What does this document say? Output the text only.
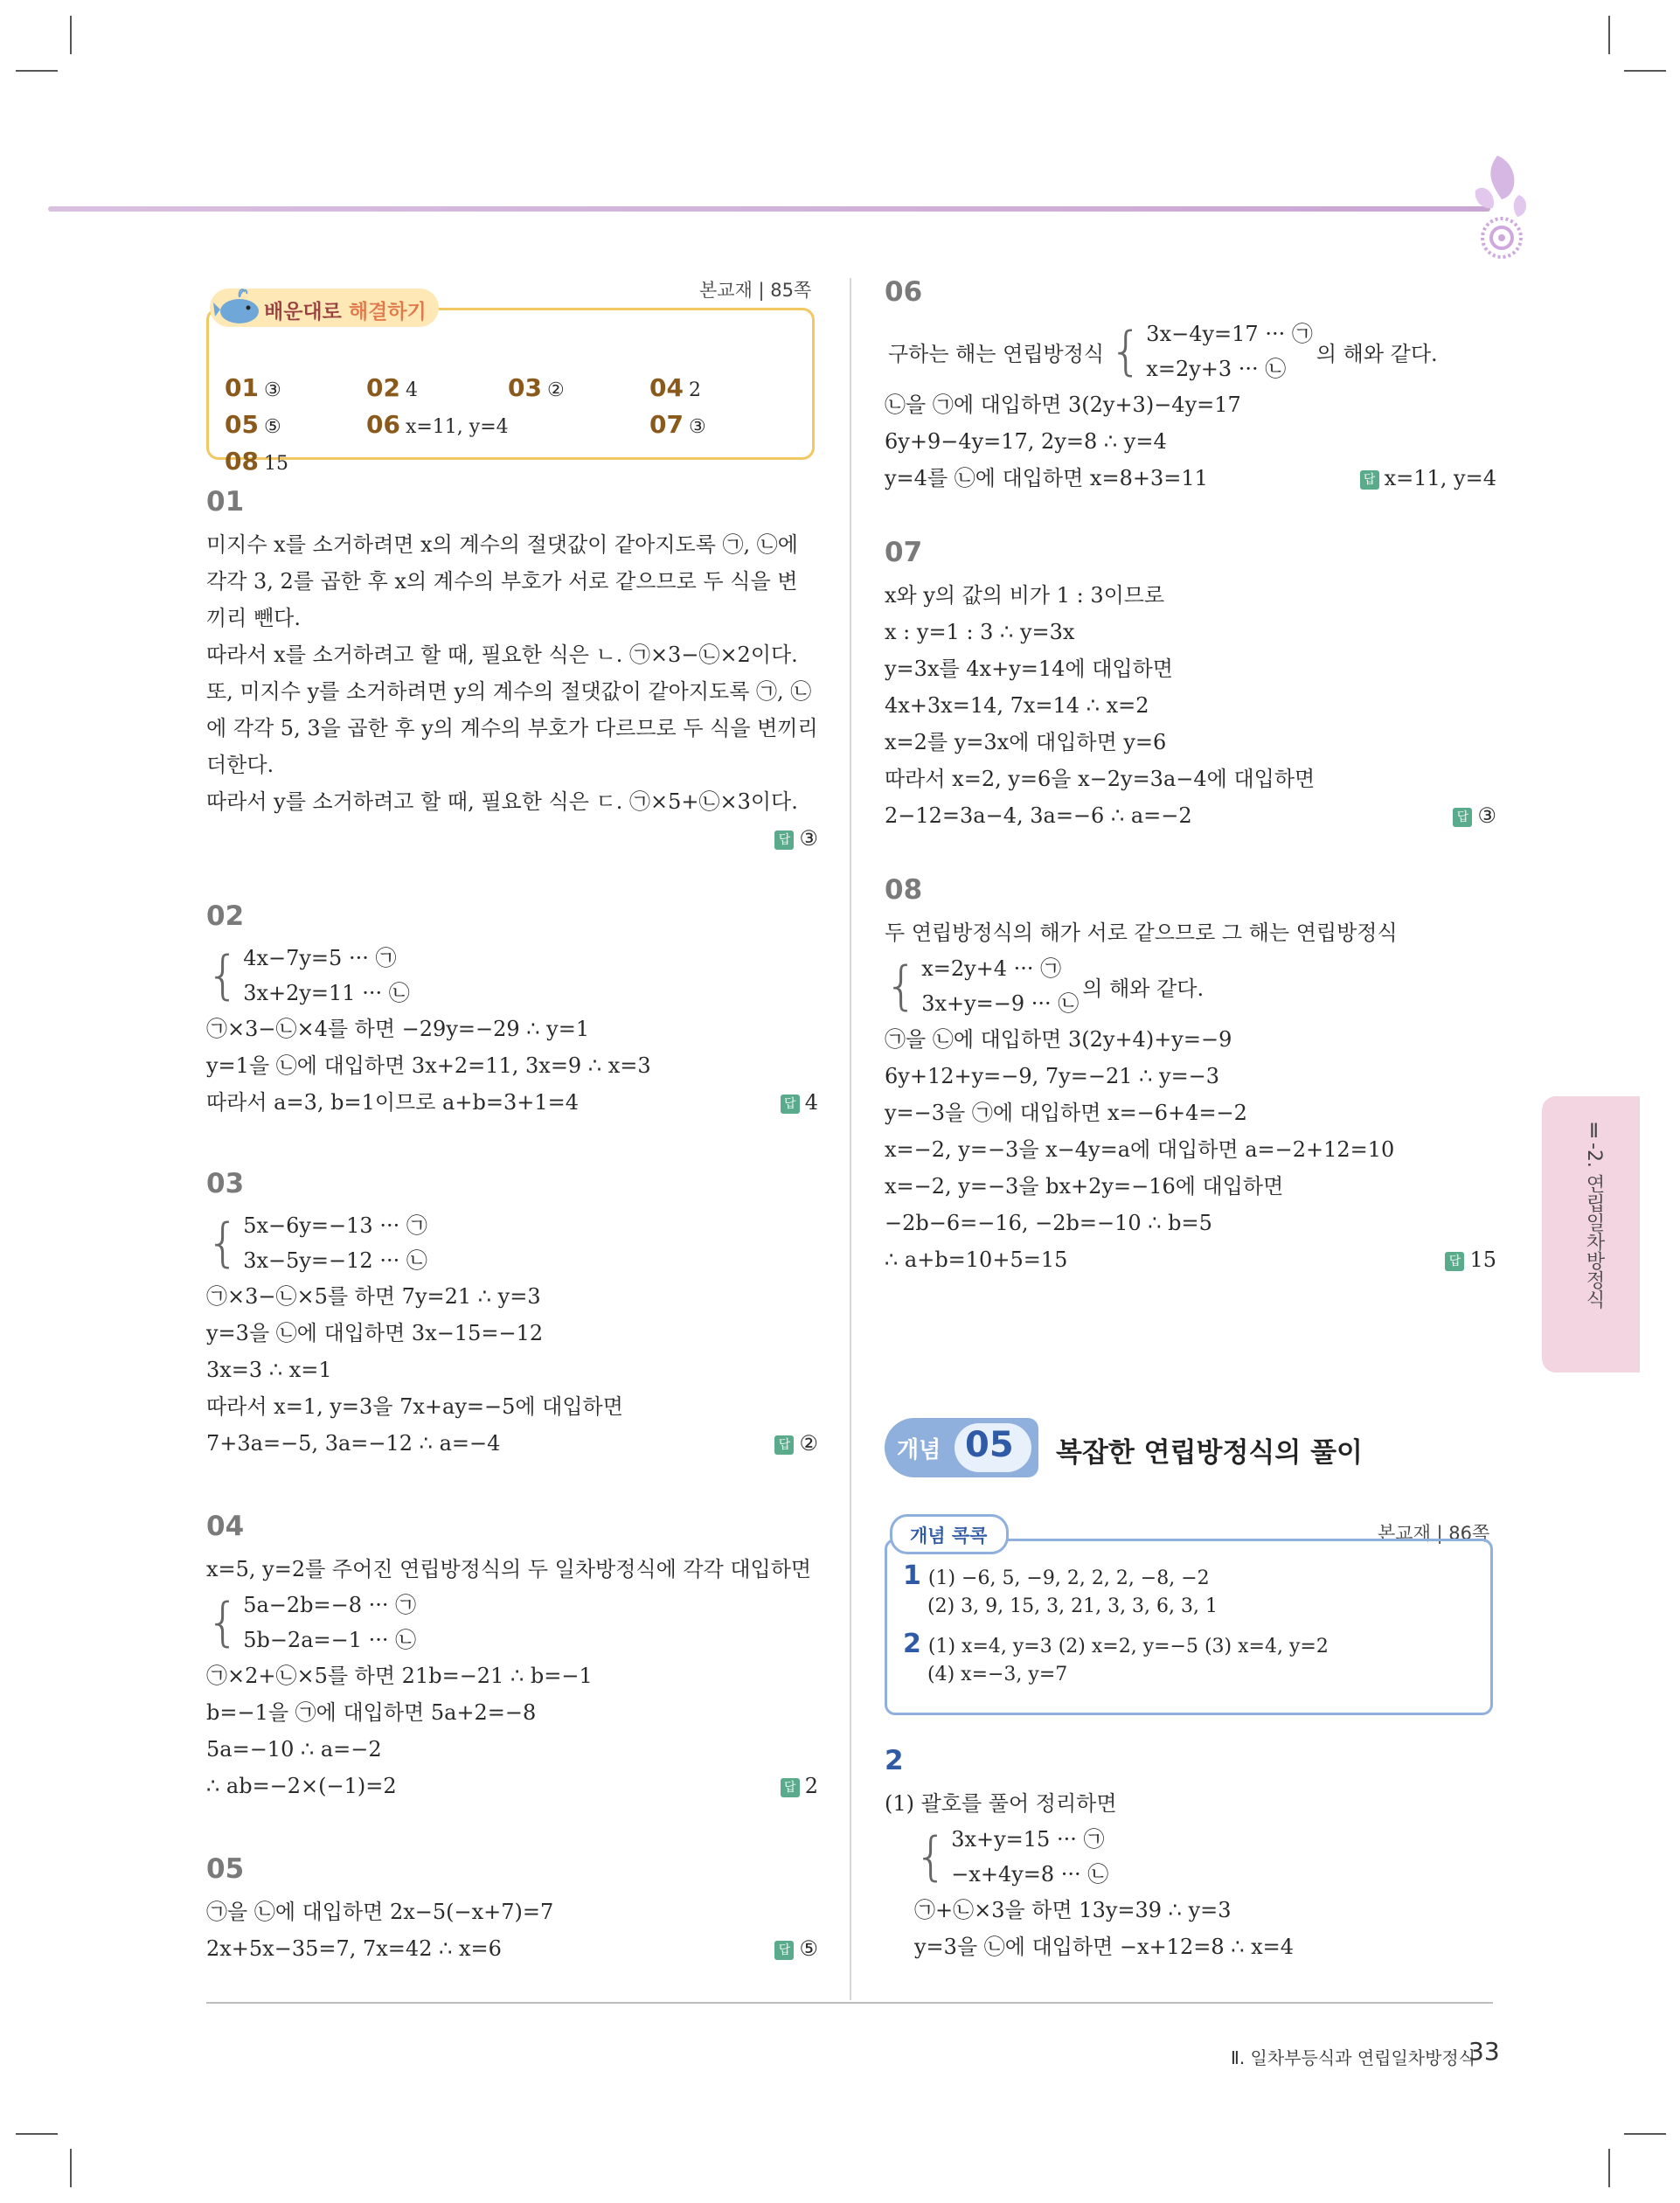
본교재 | 85쪽
01 ③	02 4	03 ②	04 2
05 ⑤	06 x=11, y=4	07 ③
08 15
배운대로 해결하기
01
미지수 x를 소거하려면 x의 계수의 절댓값이 같아지도록 ㉠, ㉡에
각각 3, 2를 곱한 후 x의 계수의 부호가 서로 같으므로 두 식을 변
끼리 뺀다.
따라서 x를 소거하려고 할 때, 필요한 식은 ㄴ. ㉠×3−㉡×2이다.
또, 미지수 y를 소거하려면 y의 계수의 절댓값이 같아지도록 ㉠, ㉡
에 각각 5, 3을 곱한 후 y의 계수의 부호가 다르므로 두 식을 변끼리
더한다.
따라서 y를 소거하려고 할 때, 필요한 식은 ㄷ. ㉠×5+㉡×3이다.
답 ③

02
{ 4x−7y=5 ··· ㉠
3x+2y=11 ··· ㉡
㉠×3−㉡×4를 하면 −29y=−29 ∴ y=1
y=1을 ㉡에 대입하면 3x+2=11, 3x=9 ∴ x=3
따라서 a=3, b=1이므로 a+b=3+1=4	답 4
03
{ 5x−6y=−13 ··· ㉠
3x−5y=−12 ··· ㉡
㉠×3−㉡×5를 하면 7y=21 ∴ y=3
y=3을 ㉡에 대입하면 3x−15=−12
3x=3 ∴ x=1
따라서 x=1, y=3을 7x+ay=−5에 대입하면
7+3a=−5, 3a=−12 ∴ a=−4	답 ②
04
x=5, y=2를 주어진 연립방정식의 두 일차방정식에 각각 대입하면
{ 5a−2b=−8 ··· ㉠
5b−2a=−1 ··· ㉡
㉠×2+㉡×5를 하면 21b=−21 ∴ b=−1
b=−1을 ㉠에 대입하면 5a+2=−8
5a=−10 ∴ a=−2
∴ ab=−2×(−1)=2	답 2
05
㉠을 ㉡에 대입하면 2x−5(−x+7)=7
2x+5x−35=7, 7x=42 ∴ x=6	답 ⑤
06
구하는 해는 연립방정식 { 3x−4y=17 ··· ㉠
x=2y+3 ··· ㉡
의 해와 같다.
㉡을 ㉠에 대입하면 3(2y+3)−4y=17
6y+9−4y=17, 2y=8 ∴ y=4
y=4를 ㉡에 대입하면 x=8+3=11	답 x=11, y=4
07
x와 y의 값의 비가 1 : 3이므로
x : y=1 : 3 ∴ y=3x
y=3x를 4x+y=14에 대입하면
4x+3x=14, 7x=14 ∴ x=2
x=2를 y=3x에 대입하면 y=6
따라서 x=2, y=6을 x−2y=3a−4에 대입하면
2−12=3a−4, 3a=−6 ∴ a=−2	답 ③
08
두 연립방정식의 해가 서로 같으므로 그 해는 연립방정식
{ x=2y+4 ··· ㉠
3x+y=−9 ··· ㉡
의 해와 같다.
㉠을 ㉡에 대입하면 3(2y+4)+y=−9
6y+12+y=−9, 7y=−21 ∴ y=−3
y=−3을 ㉠에 대입하면 x=−6+4=−2
x=−2, y=−3을 x−4y=a에 대입하면 a=−2+12=10
x=−2, y=−3을 bx+2y=−16에 대입하면
−2b−6=−16, −2b=−10 ∴ b=5
∴ a+b=10+5=15	답 15
개념 05 복잡한 연립방정식의 풀이
본교재 | 86쪽
1 (1) −6, 5, −9, 2, 2, 2, −8, −2
(2) 3, 9, 15, 3, 21, 3, 3, 6, 3, 1
2 (1) x=4, y=3 (2) x=2, y=−5 (3) x=4, y=2
(4) x=−3, y=7
개념 콕콕
2
(1) 괄호를 풀어 정리하면
{ 3x+y=15 ··· ㉠
−x+4y=8 ··· ㉡
㉠+㉡×3을 하면 13y=39 ∴ y=3
y=3을 ㉡에 대입하면 −x+12=8 ∴ x=4
Ⅱ-2. 연립일차방정식
Ⅱ. 일차부등식과 연립일차방정식
33
